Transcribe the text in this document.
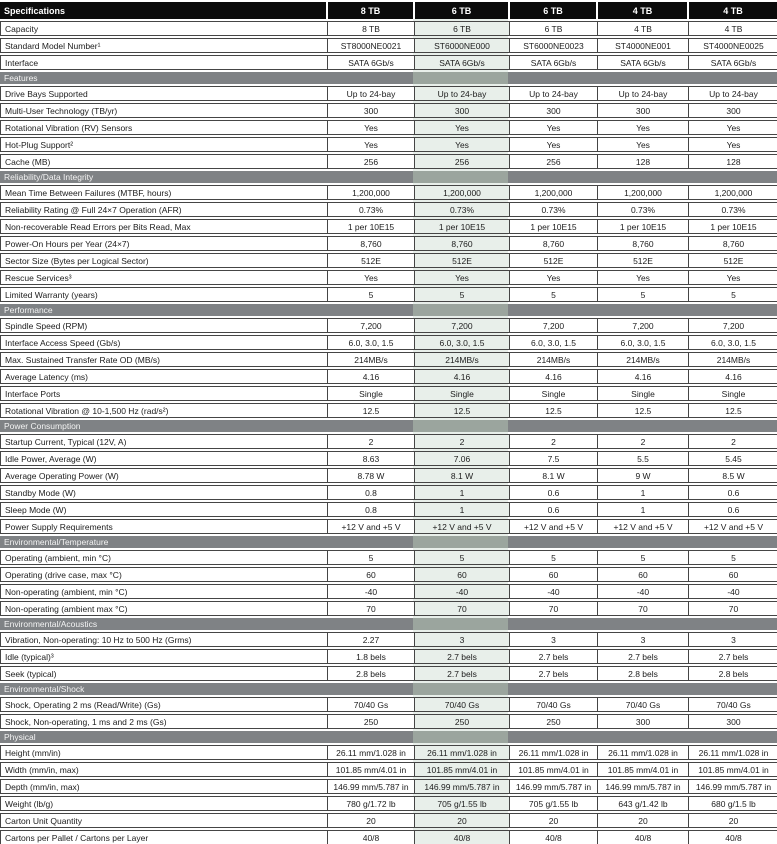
Specifications	8 TB	6 TB	6 TB	4 TB	4 TB
Capacity	8 TB	6 TB	6 TB	4 TB	4 TB
Standard Model Number¹	ST8000NE0021	ST6000NE000	ST6000NE0023	ST4000NE001	ST4000NE0025
Interface	SATA 6Gb/s	SATA 6Gb/s	SATA 6Gb/s	SATA 6Gb/s	SATA 6Gb/s
Features
Drive Bays Supported	Up to 24-bay	Up to 24-bay	Up to 24-bay	Up to 24-bay	Up to 24-bay
Multi-User Technology (TB/yr)	300	300	300	300	300
Rotational Vibration (RV) Sensors	Yes	Yes	Yes	Yes	Yes
Hot-Plug Support²	Yes	Yes	Yes	Yes	Yes
Cache (MB)	256	256	256	128	128
Reliability/Data Integrity
Mean Time Between Failures (MTBF, hours)	1,200,000	1,200,000	1,200,000	1,200,000	1,200,000
Reliability Rating @ Full 24×7 Operation (AFR)	0.73%	0.73%	0.73%	0.73%	0.73%
Non-recoverable Read Errors per Bits Read, Max	1 per 10E15	1 per 10E15	1 per 10E15	1 per 10E15	1 per 10E15
Power-On Hours per Year (24×7)	8,760	8,760	8,760	8,760	8,760
Sector Size (Bytes per Logical Sector)	512E	512E	512E	512E	512E
Rescue Services³	Yes	Yes	Yes	Yes	Yes
Limited Warranty (years)	5	5	5	5	5
Performance
Spindle Speed (RPM)	7,200	7,200	7,200	7,200	7,200
Interface Access Speed (Gb/s)	6.0, 3.0, 1.5	6.0, 3.0, 1.5	6.0, 3.0, 1.5	6.0, 3.0, 1.5	6.0, 3.0, 1.5
Max. Sustained Transfer Rate OD (MB/s)	214MB/s	214MB/s	214MB/s	214MB/s	214MB/s
Average Latency (ms)	4.16	4.16	4.16	4.16	4.16
Interface Ports	Single	Single	Single	Single	Single
Rotational Vibration @ 10-1,500 Hz (rad/s²)	12.5	12.5	12.5	12.5	12.5
Power Consumption
Startup Current, Typical (12V, A)	2	2	2	2	2
Idle Power, Average (W)	8.63	7.06	7.5	5.5	5.45
Average Operating Power (W)	8.78 W	8.1 W	8.1 W	9 W	8.5 W
Standby Mode (W)	0.8	1	0.6	1	0.6
Sleep Mode (W)	0.8	1	0.6	1	0.6
Power Supply Requirements	+12 V and +5 V	+12 V and +5 V	+12 V and +5 V	+12 V and +5 V	+12 V and +5 V
Environmental/Temperature
Operating (ambient, min °C)	5	5	5	5	5
Operating (drive case, max °C)	60	60	60	60	60
Non-operating (ambient, min °C)	-40	-40	-40	-40	-40
Non-operating (ambient max °C)	70	70	70	70	70
Environmental/Acoustics
Vibration, Non-operating: 10 Hz to 500 Hz (Grms)	2.27	3	3	3	3
Idle (typical)³	1.8 bels	2.7 bels	2.7 bels	2.7 bels	2.7 bels
Seek (typical)	2.8 bels	2.7 bels	2.7 bels	2.8 bels	2.8 bels
Environmental/Shock
Shock, Operating 2 ms (Read/Write) (Gs)	70/40 Gs	70/40 Gs	70/40 Gs	70/40 Gs	70/40 Gs
Shock, Non-operating, 1 ms and 2 ms (Gs)	250	250	250	300	300
Physical
Height (mm/in)	26.11 mm/1.028 in	26.11 mm/1.028 in	26.11 mm/1.028 in	26.11 mm/1.028 in	26.11 mm/1.028 in
Width (mm/in, max)	101.85 mm/4.01 in	101.85 mm/4.01 in	101.85 mm/4.01 in	101.85 mm/4.01 in	101.85 mm/4.01 in
Depth (mm/in, max)	146.99 mm/5.787 in	146.99 mm/5.787 in	146.99 mm/5.787 in	146.99 mm/5.787 in	146.99 mm/5.787 in
Weight (lb/g)	780 g/1.72 lb	705 g/1.55 lb	705 g/1.55 lb	643 g/1.42 lb	680 g/1.5 lb
Carton Unit Quantity	20	20	20	20	20
Cartons per Pallet / Cartons per Layer	40/8	40/8	40/8	40/8	40/8
